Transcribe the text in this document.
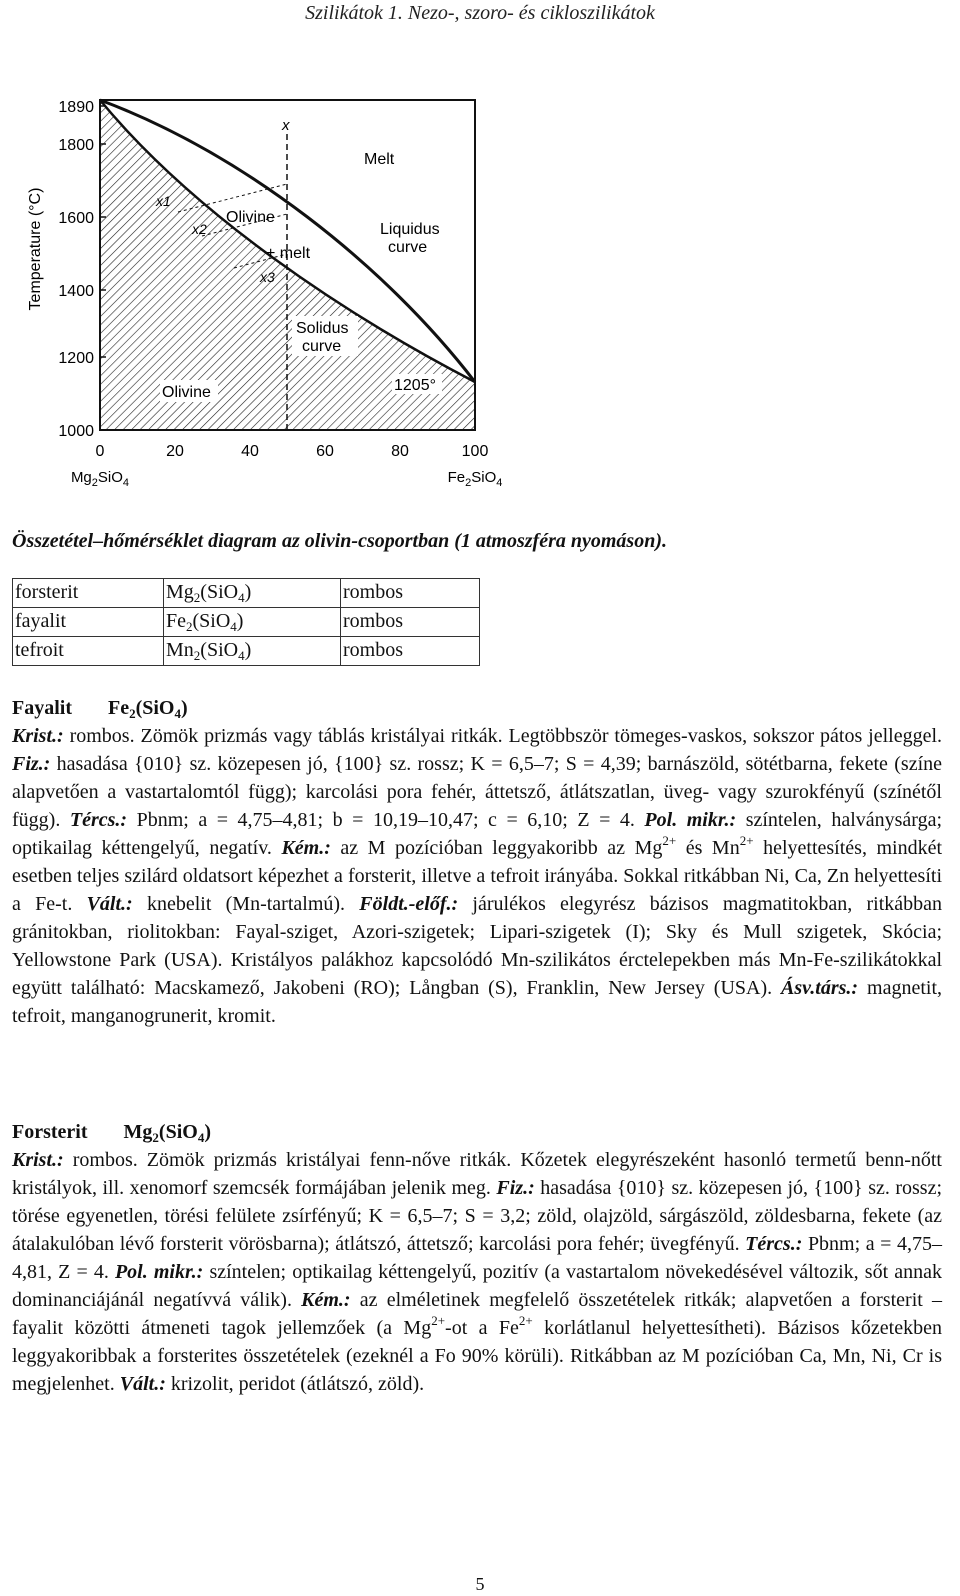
Szilikátok 1. Nezo-, szoro- és cikloszilikátok
1890
1800
1600
1400
1200
1000
Temperature (°C)
0	20	40	60	80	100
$Mg_2SiO_4$	$Fe_2SiO_4$
Melt
Olivine
+ melt
Liquidus
curve
Solidus
curve
Olivine	1205°
x
x1
x2
x3
Összetétel–hőmérséklet diagram az olivin-csoportban (1 atmoszféra nyomáson).
forsterit	$Mg_2(SiO_4)$	rombos
fayalit	$Fe_2(SiO_4)$	rombos
tefroit	$Mn_2(SiO_4)$	rombos
Fayalit $Fe_2(SiO_4)$

Krist.: rombos. Zömök prizmás vagy táblás kristályai ritkák. Legtöbbször tömeges-vaskos, sokszor pátos jelleggel. Fiz.: hasadása {010} sz. közepesen jó, {100} sz. rossz; K = 6,5–7; S = 4,39; barnászöld, sötétbarna, fekete (színe alapvetően a vastartalomtól függ); karcolási pora fehér, áttetsző, átlátszatlan, üveg- vagy szurokfényű (színétől függ). Tércs.: Pbnm; a = 4,75–4,81; b = 10,19–10,47; c = 6,10; Z = 4. Pol. mikr.: színtelen, halványsárga; optikailag kéttengelyű, negatív. Kém.: az M pozícióban leggyakoribb az $Mg^{2+}$ és $Mn^{2+}$ helyettesítés, mindkét esetben teljes szilárd oldatsort képezhet a forsterit, illetve a tefroit irányába. Sokkal ritkábban Ni, Ca, Zn helyettesíti a Fe-t. Vált.: knebelit (Mn-tartalmú). Földt.-előf.: járulékos elegyrész bázisos magmatitokban, ritkábban gránitokban, riolitokban: Fayal-sziget, Azori-szigetek; Lipari-szigetek (I); Sky és Mull szigetek, Skócia; Yellowstone Park (USA). Kristályos palákhoz kapcsolódó Mn-szilikátos érctelepekben más Mn-Fe-szilikátokkal együtt található: Macskamező, Jakobeni (RO); Långban (S), Franklin, New Jersey (USA). Ásv.társ.: magnetit, tefroit, manganogrunerit, kromit.

Forsterit $Mg_2(SiO_4)$

Krist.: rombos. Zömök prizmás kristályai fenn-nőve ritkák. Kőzetek elegyrészeként hasonló termetű benn-nőtt kristályok, ill. xenomorf szemcsék formájában jelenik meg. Fiz.: hasadása {010} sz. közepesen jó, {100} sz. rossz; törése egyenetlen, törési felülete zsírfényű; K = 6,5–7; S = 3,2; zöld, olajzöld, sárgászöld, zöldesbarna, fekete (az átalakulóban lévő forsterit vörösbarna); átlátszó, áttetsző; karcolási pora fehér; üvegfényű. Tércs.: Pbnm; a = 4,75–4,81, Z = 4. Pol. mikr.: színtelen; optikailag kéttengelyű, pozitív (a vastartalom növekedésével változik, sőt annak dominanciájánál negatívvá válik). Kém.: az elméletinek megfelelő összetételek ritkák; alapvetően a forsterit – fayalit közötti átmeneti tagok jellemzőek (a $Mg^{2+}-ot$ a $Fe^{2+}$ korlátlanul helyettesítheti). Bázisos kőzetekben leggyakoribbak a forsterites összetételek (ezeknél a Fo 90% körüli). Ritkábban az M pozícióban Ca, Mn, Ni, Cr is megjelenhet. Vált.: krizolit, peridot (átlátszó, zöld).

5
